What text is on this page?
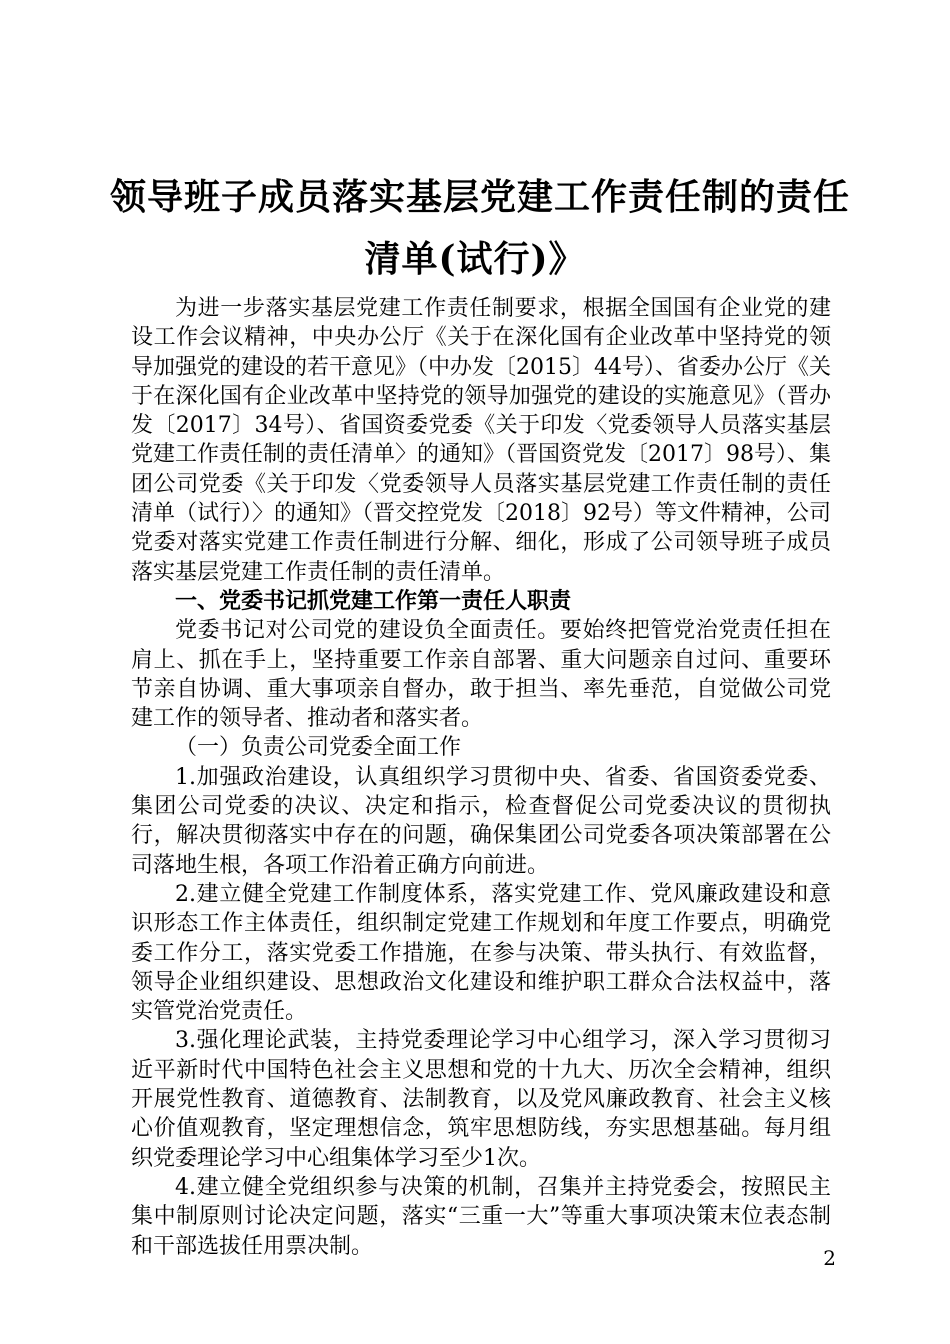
领导班子成员落实基层党建工作责任制的责任
清单(试行)》

为进一步落实基层党建工作责任制要求，根据全国国有企业党的建设工作会议精神，中央办公厅《关于在深化国有企业改革中坚持党的领导加强党的建设的若干意见》（中办发〔2015〕44号）、省委办公厅《关于在深化国有企业改革中坚持党的领导加强党的建设的实施意见》（晋办发〔2017〕34号）、省国资委党委《关于印发〈党委领导人员落实基层党建工作责任制的责任清单〉的通知》（晋国资党发〔2017〕98号）、集团公司党委《关于印发〈党委领导人员落实基层党建工作责任制的责任清单（试行）〉的通知》（晋交控党发〔2018〕92号）等文件精神，公司党委对落实党建工作责任制进行分解、细化，形成了公司领导班子成员落实基层党建工作责任制的责任清单。

一、党委书记抓党建工作第一责任人职责

党委书记对公司党的建设负全面责任。要始终把管党治党责任担在肩上、抓在手上，坚持重要工作亲自部署、重大问题亲自过问、重要环节亲自协调、重大事项亲自督办，敢于担当、率先垂范，自觉做公司党建工作的领导者、推动者和落实者。

（一）负责公司党委全面工作

1.加强政治建设，认真组织学习贯彻中央、省委、省国资委党委、集团公司党委的决议、决定和指示，检查督促公司党委决议的贯彻执行，解决贯彻落实中存在的问题，确保集团公司党委各项决策部署在公司落地生根，各项工作沿着正确方向前进。

2.建立健全党建工作制度体系，落实党建工作、党风廉政建设和意识形态工作主体责任，组织制定党建工作规划和年度工作要点，明确党委工作分工，落实党委工作措施，在参与决策、带头执行、有效监督，领导企业组织建设、思想政治文化建设和维护职工群众合法权益中，落实管党治党责任。

3.强化理论武装，主持党委理论学习中心组学习，深入学习贯彻习近平新时代中国特色社会主义思想和党的十九大、历次全会精神，组织开展党性教育、道德教育、法制教育，以及党风廉政教育、社会主义核心价值观教育，坚定理想信念，筑牢思想防线，夯实思想基础。每月组织党委理论学习中心组集体学习至少1次。

4.建立健全党组织参与决策的机制，召集并主持党委会，按照民主集中制原则讨论决定问题，落实“三重一大”等重大事项决策末位表态制和干部选拔任用票决制。	2
